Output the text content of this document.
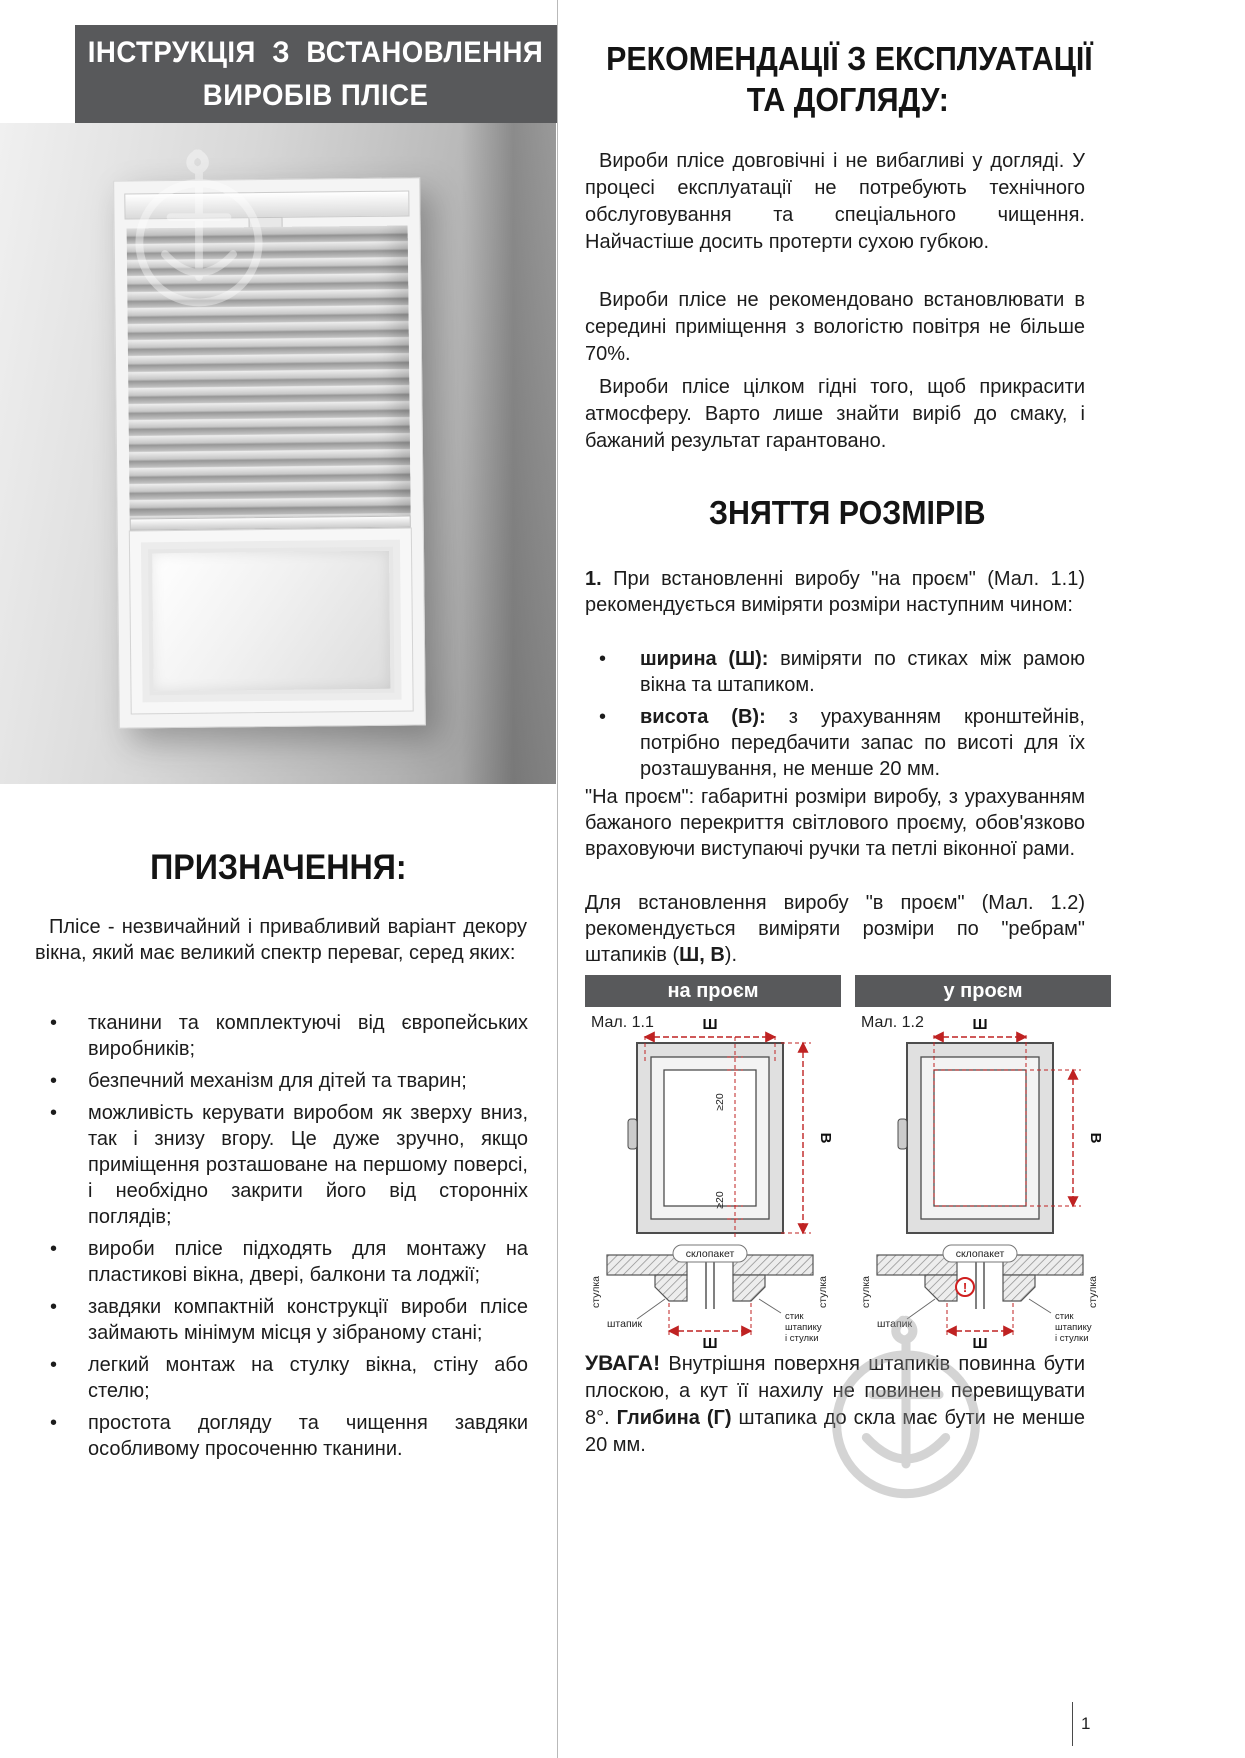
ІНСТРУКЦІЯ З ВСТАНОВЛЕННЯ
ВИРОБІВ ПЛІСЕ
ПРИЗНАЧЕННЯ:

Плісе - незвичайний і привабливий варіант декору вікна, який має великий спектр переваг, серед яких:

• тканини та комплектуючі від європейських виробників;
• безпечний механізм для дітей та тварин;
• можливість керувати виробом як зверху вниз, так і знизу вгору. Це дуже зручно, якщо приміщення розташоване на першому поверсі, і необхідно закрити його від сторонніх поглядів;
• вироби плісе підходять для монтажу на пластикові вікна, двері, балкони та лоджії;
• завдяки компактній конструкції вироби плісе займають мінімум місця у зібраному стані;
• легкий монтаж на стулку вікна, стіну або стелю;
• простота догляду та чищення завдяки особливому просоченню тканини.
РЕКОМЕНДАЦІЇ З ЕКСПЛУАТАЦІЇ
ТА ДОГЛЯДУ:

Вироби плісе довговічні і не вибагливі у догляді. У процесі експлуатації не потребують технічного обслуговування та спеціального чищення. Найчастіше досить протерти сухою губкою.

Вироби плісе не рекомендовано встановлювати в середині приміщення з вологістю повітря не більше 70%.

Вироби плісе цілком гідні того, щоб прикрасити атмосферу. Варто лише знайти виріб до смаку, і бажаний результат гарантовано.

ЗНЯТТЯ РОЗМІРІВ

1. При встановленні виробу "на проєм" (Мал. 1.1) рекомендується виміряти розміри наступним чином:

• ширина (Ш): виміряти по стиках між рамою вікна та штапиком.
• висота (В): з урахуванням кронштейнів, потрібно передбачити запас по висоті для їх розташування, не менше 20 мм.

"На проєм": габаритні розміри виробу, з урахуванням бажаного перекриття світлового проєму, обов'язково враховуючи виступаючі ручки та петлі віконної рами.

Для встановлення виробу "в проєм" (Мал. 1.2) рекомендується виміряти розміри по "ребрам" штапиків (Ш, В).

на проєм
Мал. 1.1	Ш
В
≥20
≥20
склопакет
стулка	стулка
штапик
Ш
стик
штапику
і стулки
у проєм
Мал. 1.2	Ш
В
склопакет
!
стулка	стулка
штапик
Ш
стик
штапику
і стулки

УВАГА! Внутрішня поверхня штапиків повинна бути плоскою, а кут її нахилу не повинен перевищувати 8°. Глибина (Г) штапика до скла має бути не менше 20 мм.

1
